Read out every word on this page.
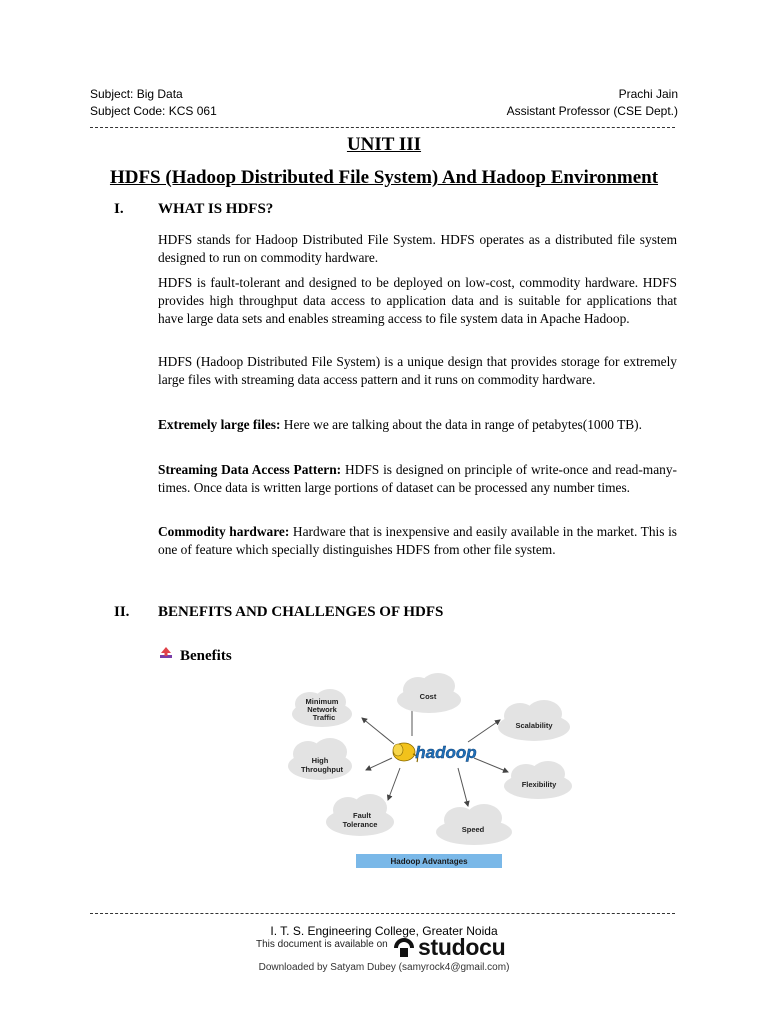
Subject: Big Data
Subject Code: KCS 061
Prachi Jain
Assistant Professor (CSE Dept.)
UNIT III
HDFS (Hadoop Distributed File System) And Hadoop Environment
I. WHAT IS HDFS?

HDFS stands for Hadoop Distributed File System. HDFS operates as a distributed file system designed to run on commodity hardware.

HDFS is fault-tolerant and designed to be deployed on low-cost, commodity hardware. HDFS provides high throughput data access to application data and is suitable for applications that have large data sets and enables streaming access to file system data in Apache Hadoop.

HDFS (Hadoop Distributed File System) is a unique design that provides storage for extremely large files with streaming data access pattern and it runs on commodity hardware.

Extremely large files: Here we are talking about the data in range of petabytes(1000 TB).

Streaming Data Access Pattern: HDFS is designed on principle of write-once and read-many-times. Once data is written large portions of dataset can be processed any number times.

Commodity hardware: Hardware that is inexpensive and easily available in the market. This is one of feature which specially distinguishes HDFS from other file system.

II. BENEFITS AND CHALLENGES OF HDFS
Benefits
Minimum
Network
Traffic
Cost
Scalability
High
Throughput
Flexibility
Fault
Tolerance
Speed
hadoop
Hadoop Advantages
I. T. S. Engineering College, Greater Noida
This document is available on studocu
Downloaded by Satyam Dubey (samyrock4@gmail.com)
